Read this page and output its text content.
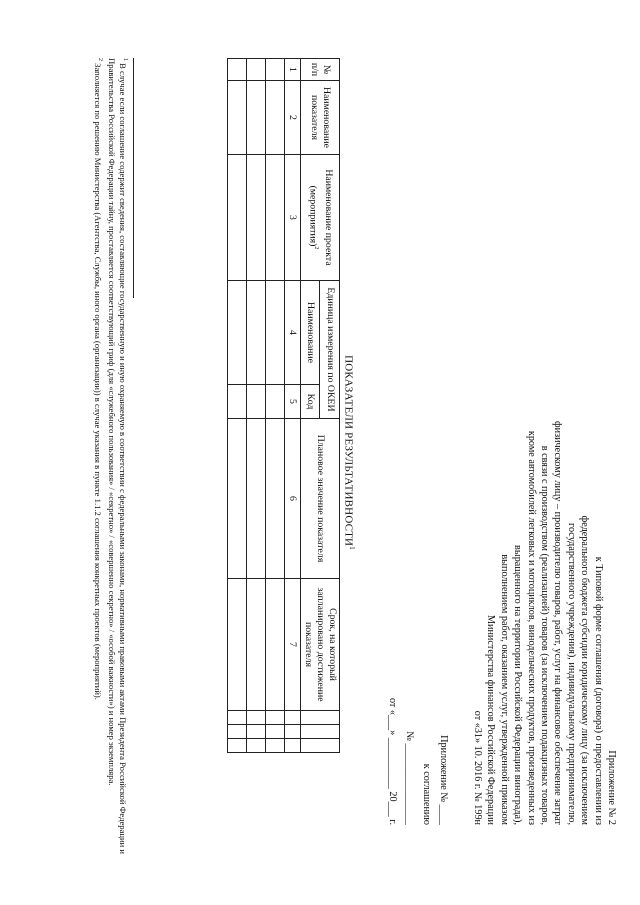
Приложение № 2
к Типовой форме соглашения (договора) о предоставлении из
федерального бюджета субсидии юридическому лицу (за исключением
государственного учреждения), индивидуальному предпринимателю,
физическому лицу – производителю товаров, работ, услуг на финансовое обеспечение затрат
в связи с производством (реализацией) товаров (за исключением подакцизных товаров,
кроме автомобилей легковых и мотоциклов, винодельческих продуктов, произведенных из
выращенного на территории Российской Федерации винограда),
выполнением работ, оказанием услуг, утвержденной приказом
Министерства финансов Российской Федерации
от «31» 10. 2016 г. № 199н
Приложение № ____
к соглашению
№ ________________
от «___» __________ 20___ г.
ПОКАЗАТЕЛИ РЕЗУЛЬТАТИВНОСТИ$^1$
№ п/п	Наименование показателя	Наименование проекта (мероприятия)$^2$	Единица измерения по ОКЕИ		Плановое значение показателя	Срок, на который запланировано достижение показателя			
			Наименование	Код					
1	2	3	4	5	6	7			

$^1$ В случае если соглашение содержит сведения, составляющие государственную и иную охраняемую в соответствии с федеральными законами, нормативными правовыми актами Президента Российской Федерации и Правительства Российской Федерации тайну, проставляется соответствующий гриф (для «служебного пользования» / «секретно» / «совершенно секретно» / «особой важности») и номер экземпляра.

$^2$ Заполняется по решению Министерства (Агентства, Службы, иного органа (организации)) в случае указания в пункте 1.1.2 соглашения конкретных проектов (мероприятий).
